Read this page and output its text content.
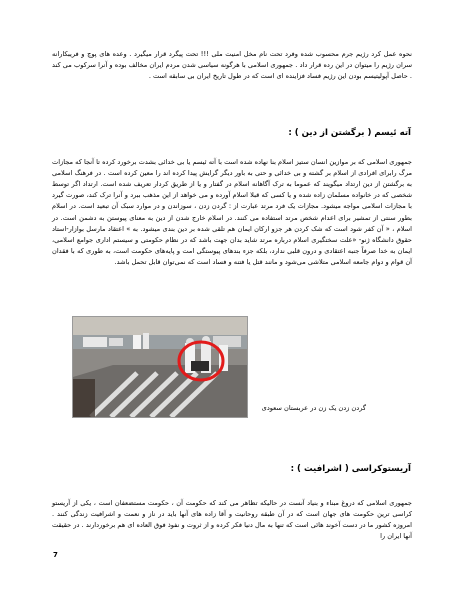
نحوه عمل کرد رژیم جرم محسوب شده وفرد تحت نام مخل امنیت ملی !!! تحت پیگرد قرار میگیرد . وعده های پوچ و فریبکارانه سران رژیم را میتوان در این رده قرار داد . جمهوری اسلامی با هرگونه سیاسی شدن مردم ایران مخالف بوده و آنرا سرکوب می کند . حاصل آپولیتیسم بودن این رژیم فساد فزاینده ای است که در طول تاریخ ایران بی سابقه است .

آته ئیسم ( برگشتن از دین ) :

جمهوری اسلامی که بر موازین انسان ستیز اسلام بنا نهاده شده است با آته ئیسم یا بی خدائی بشدت برخورد کرده تا آنجا که مجازات مرگ رابرای افرادی از اسلام بر گشته و بی خدائی و حتی به باور دیگر گرایش پیدا کرده اند را معین کرده است . در فرهنگ اسلامی به برگشتن از دین ارتداد میگویند که عموما به ترک آگاهانه اسلام در گفتار و یا از طریق کردار تعریف شده است. ارتداد اگر توسط شخصی که در خانواده مسلمان زاده شده و یا کسی که قبلا اسلام آورده و می خواهد از این مذهب ببرد و آنرا ترک کند، صورت گیرد با مجازات اسلامی مواجه میشود. مجازات یک فرد مرتد عبارت از : گردن زدن ، سوزاندن و در موارد سبک آن تبعید است. در اسلام بطور سنتی از تمشیر برای اعدام شخص مرتد استفاده می کنند. در اسلام خارج شدن از دین به معنای پیوستن به دشمن است. در اسلام ، « آن کفر شود است که شک کردن هر جزو ارکان ایمان هم تلقی شده بر دین بندی میشود. به » اعتقاد مارسل بوازار-استاد حقوق دانشگاه ژنو- «علت سختگیری اسلام درباره مرتد شاید بدان جهت باشد که در نظام حکومتی و سیستم اداری جوامع اسلامی، ایمان به خدا صرفاً جنبه اعتقادی و درون قلبی ندارد، بلکه جزء بندهای پیوستگی امت و پایه‌های حکومت است، به طوری که با فقدان آن قوام و دوام جامعه اسلامی متلاشی می‌شود و مانند قتل یا فتنه و فساد است که نمی‌توان قابل تحمل باشد.

گردن زدن یک زن در عربستان سعودی
آریستوکراسی ( اشرافیت ) :

جمهوری اسلامی که دروغ مبناء و بنیاد آنست در حالیکه تظاهر می کند که حکومت آن ، حکومت مستضعفان است ، یکی از آریستو کراسی ترین حکومت های جهان است که در آن طبقه روحانیت و آقا زاده های آنها باید در ناز و نعمت و اشرافیت زندگی کنند . امروزه کشور ما در دست آخوند هائی است که تنها به مال دنیا فکر کرده و از ثروت و نفوذ فوق العاده ای هم برخوردارند . در حقیقت آنها ایران را

7
